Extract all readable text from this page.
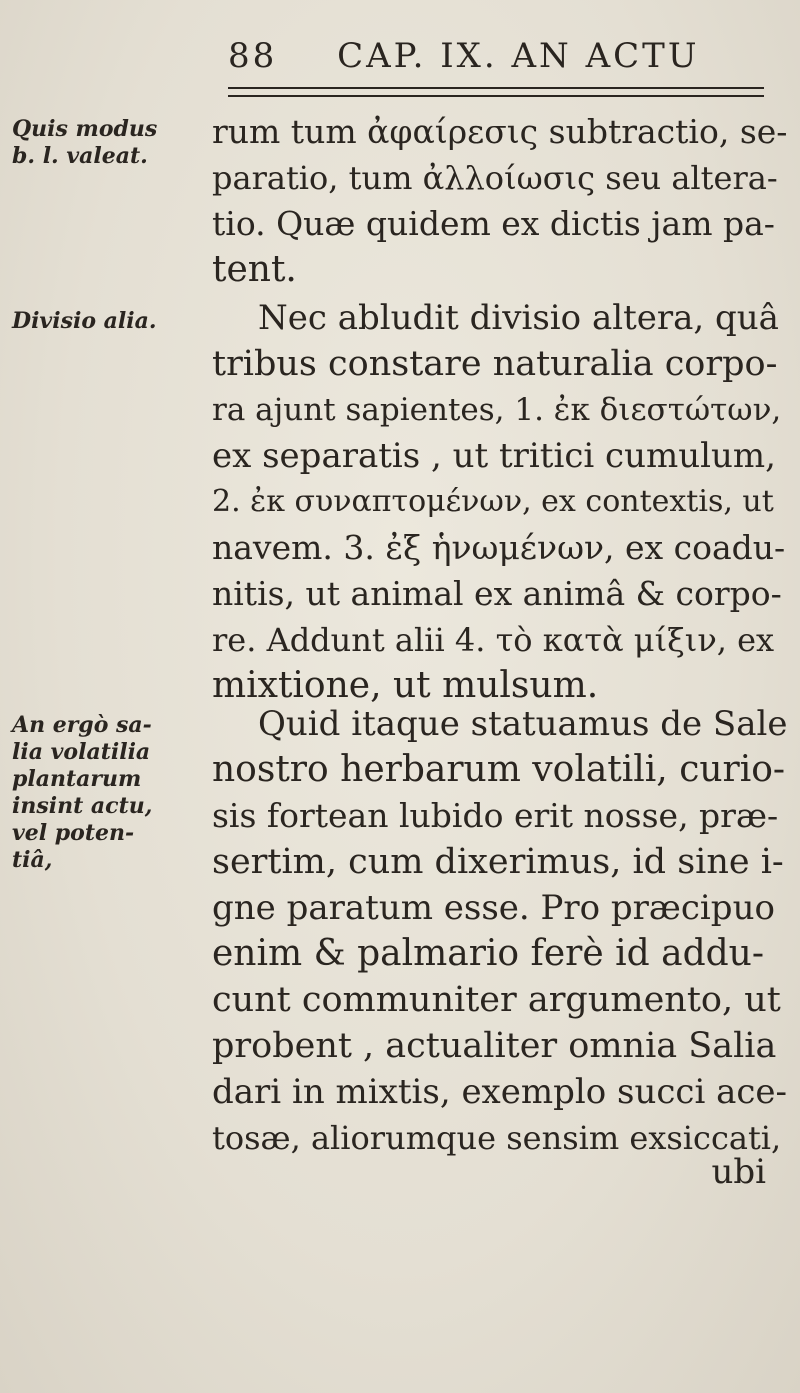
88 CAP. IX. AN ACTU
Quis modus
b. l. valeat.
Divisio alia.
An ergò sa-
lia volatilia
plantarum
insint actu,
vel poten-
tiâ,
rum tum ἀφαίρεσις subtractio, se-
paratio, tum ἀλλοίωσις seu altera-
tio. Quæ quidem ex dictis jam pa-
tent.
Nec abludit divisio altera, quâ
tribus constare naturalia corpo-
ra ajunt sapientes, 1. ἐκ διεστώτων,
ex separatis , ut tritici cumulum,
2. ἐκ συναπτομένων, ex contextis, ut
navem. 3. ἐξ ἡνωμένων, ex coadu-
nitis, ut animal ex animâ & corpo-
re. Addunt alii 4. τὸ κατὰ μίξιν, ex
mixtione, ut mulsum.
Quid itaque statuamus de Sale
nostro herbarum volatili, curio-
sis fortean lubido erit nosse, præ-
sertim, cum dixerimus, id sine i-
gne paratum esse. Pro præcipuo
enim & palmario ferè id addu-
cunt communiter argumento, ut
probent , actualiter omnia Salia
dari in mixtis, exemplo succi ace-
tosæ, aliorumque sensim exsiccati,
ubi
